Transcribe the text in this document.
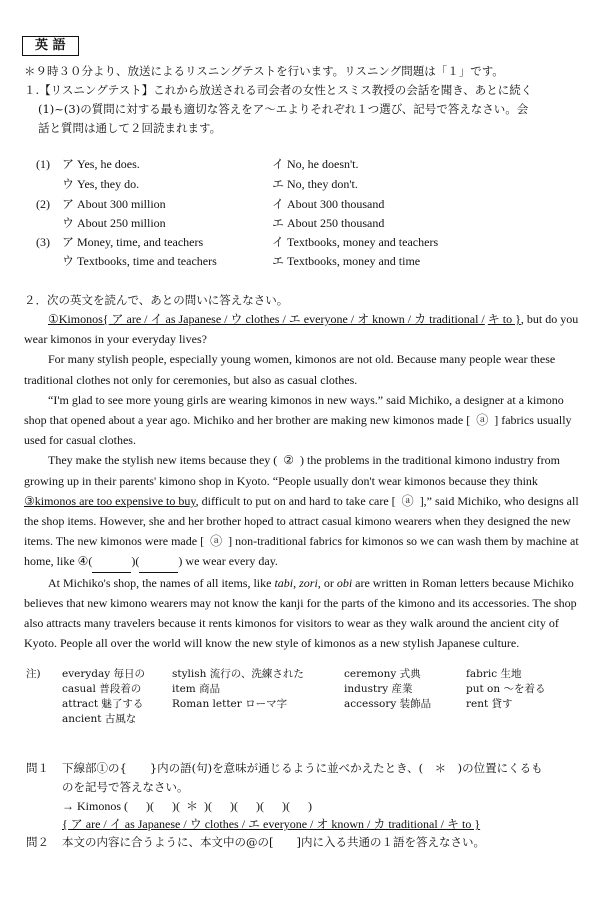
英 語
＊９時３０分より、放送によるリスニングテストを行います。リスニング問題は「１」です。
１.【リスニングテスト】これから放送される司会者の女性とスミス教授の会話を聞き、あとに続く
(1)~(3)の質問に対する最も適切な答えをア～エよりそれぞれ１つ選び、記号で答えなさい。会
話と質問は通して２回読まれます。
(1) ア Yes, he does.	イ No, he doesn't.
ウ Yes, they do.	エ No, they don't.
(2) ア About 300 million	イ About 300 thousand
ウ About 250 million	エ About 250 thousand
(3) ア Money, time, and teachers	イ Textbooks, money and teachers
ウ Textbooks, time and teachers	エ Textbooks, money and time
２．次の英文を読んで、あとの問いに答えなさい。

①Kimonos{ ア are / イ as Japanese / ウ clothes / エ everyone / オ known / カ traditional / キ to }, but do you wear kimonos in your everyday lives?

For many stylish people, especially young women, kimonos are not old. Because many people wear these traditional clothes not only for ceremonies, but also as casual clothes.

“I'm glad to see more young girls are wearing kimonos in new ways.” said Michiko, a designer at a kimono shop that opened about a year ago. Michiko and her brother are making new kimonos made [ ⓐ ] fabrics usually used for casual clothes.

They make the stylish new items because they ( ② ) the problems in the traditional kimono industry from growing up in their parents' kimono shop in Kyoto. “People usually don't wear kimonos because they think ③kimonos are too expensive to buy, difficult to put on and hard to take care [ ⓐ ],” said Michiko, who designs all the shop items. However, she and her brother hoped to attract casual kimono wearers when they designed the new items. The new kimonos were made [ ⓐ ] non-traditional fabrics for kimonos so we can wash them by machine at home, like ④(	)(	) we wear every day.

At Michiko's shop, the names of all items, like tabi, zori, or obi are written in Roman letters because Michiko believes that new kimono wearers may not know the kanji for the parts of the kimono and its accessories. The shop also attracts many travelers because it rents kimonos for visitors to wear as they walk around the ancient city of Kyoto. People all over the world will know the new style of kimonos as a new stylish Japanese culture.

注) everyday 毎日の	stylish 流行の、洗練された	ceremony 式典	fabric 生地
casual 普段着の	item 商品	industry 産業	put on ～を着る
attract 魅了する	Roman letter ローマ字	accessory 装飾品	rent 貸す
ancient 古風な			
問１ 下線部①の{　　}内の語(句)を意味が通じるように並べかえたとき、(　＊　)の位置にくるも
のを記号で答えなさい。
→ Kimonos (      )(      )(  ＊  )(      )(      )(      )(      )
{ ア are / イ as Japanese / ウ clothes / エ everyone / オ known / カ traditional / キ to }
問２ 本文の内容に合うように、本文中の@の[　　]内に入る共通の１語を答えなさい。
